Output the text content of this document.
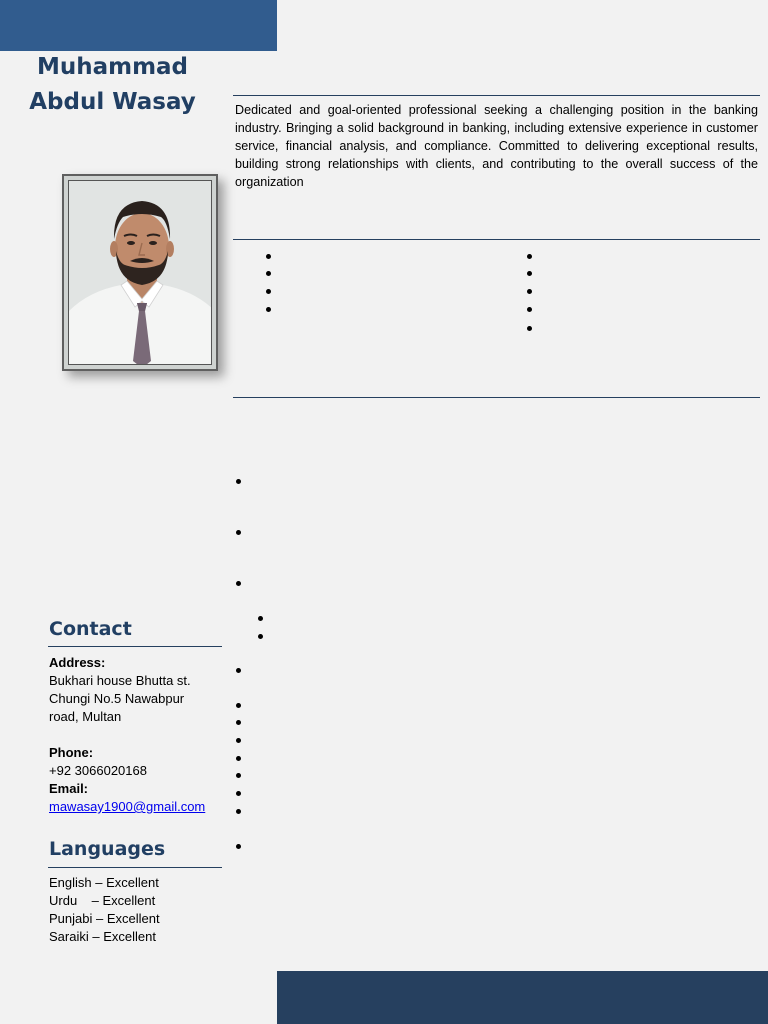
Muhammad
Abdul Wasay	Dedicated and goal-oriented professional seeking a challenging position in the banking industry. Bringing a solid background in banking, including extensive experience in customer service, financial analysis, and compliance. Committed to delivering exceptional results, building strong relationships with clients, and contributing to the overall success of the organization

Contact
Address:
Bukhari house Bhutta st.
Chungi No.5 Nawabpur
road, Multan
Phone:
+92 3066020168
Email:
mawasay1900@gmail.com
Languages
English – Excellent
Urdu    – Excellent
Punjabi – Excellent
Saraiki – Excellent
